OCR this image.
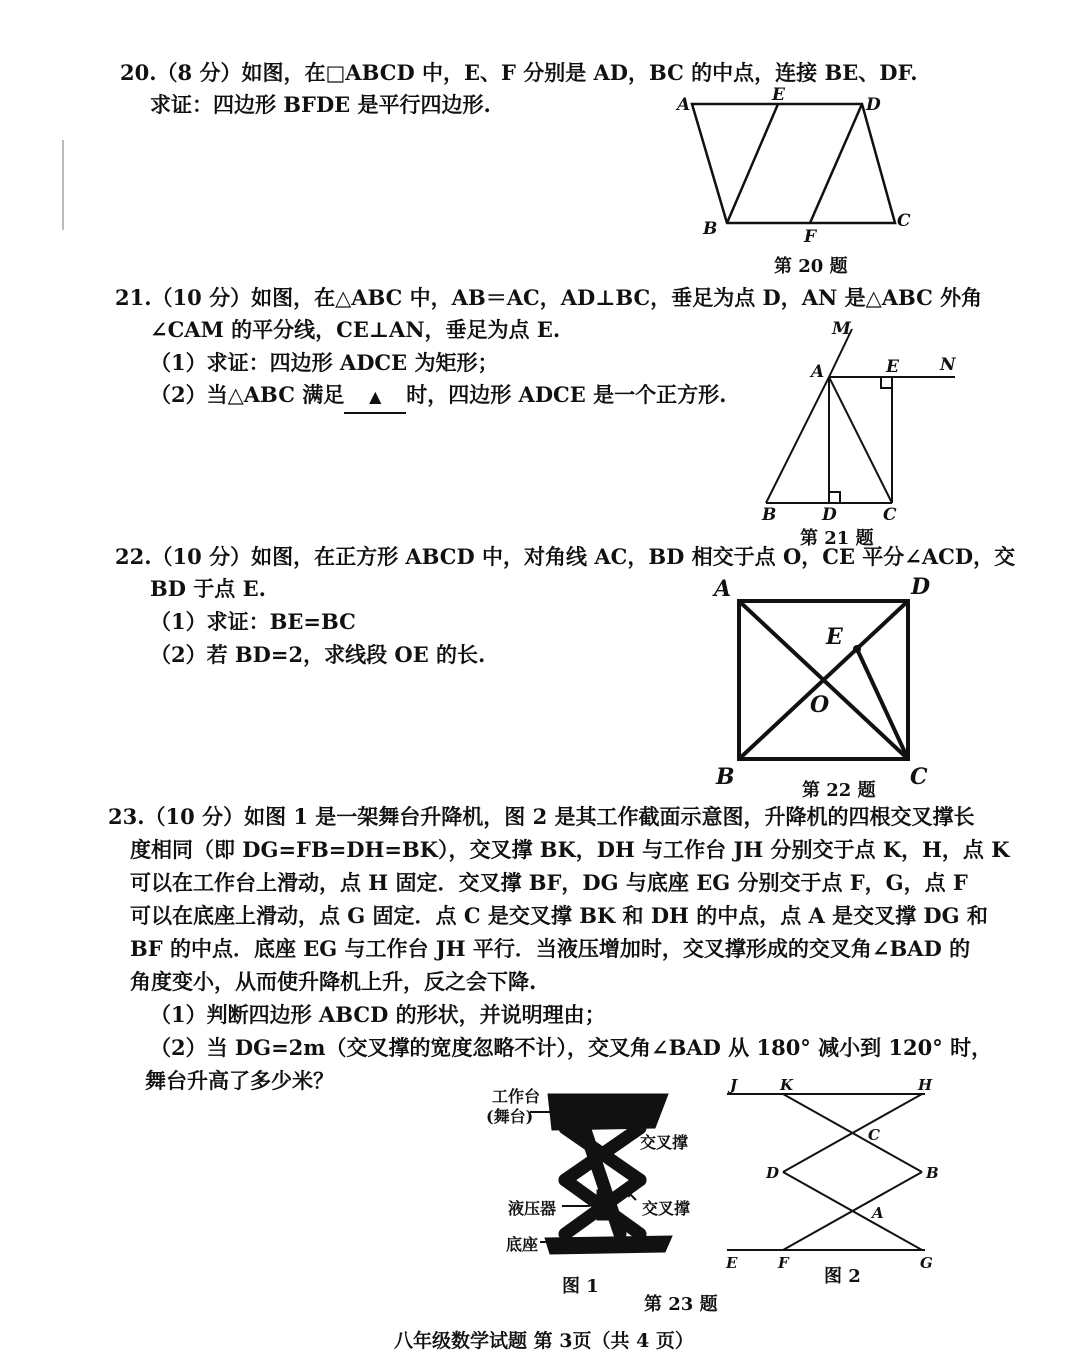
20.（8 分）如图，在□ABCD 中，E、F 分别是 AD，BC 的中点，连接 BE、DF.
求证：四边形 BFDE 是平行四边形.	A	E	D
B	F
C
第 20 题
21.（10 分）如图，在△ABC 中，AB＝AC，AD⊥BC，垂足为点 D，AN 是△ABC 外角
∠CAM 的平分线，CE⊥AN，垂足为点 E.
（1）求证：四边形 ADCE 为矩形；
（2）当△ABC 满足 ▲ 时，四边形 ADCE 是一个正方形.
M
A	E N
B	D	C
第 21 题
22.（10 分）如图，在正方形 ABCD 中，对角线 AC，BD 相交于点 O，CE 平分∠ACD，交
BD 于点 E.
（1）求证：BE=BC
（2）若 BD=2，求线段 OE 的长.
A	D
E
O
B	C
第 22 题
23.（10 分）如图 1 是一架舞台升降机，图 2 是其工作截面示意图，升降机的四根交叉撑长
度相同（即 DG=FB=DH=BK），交叉撑 BK，DH 与工作台 JH 分别交于点 K，H，点 K
可以在工作台上滑动，点 H 固定．交叉撑 BF，DG 与底座 EG 分别交于点 F，G，点 F
可以在底座上滑动，点 G 固定．点 C 是交叉撑 BK 和 DH 的中点，点 A 是交叉撑 DG 和
BF 的中点．底座 EG 与工作台 JH 平行．当液压增加时，交叉撑形成的交叉角∠BAD 的
角度变小，从而使升降机上升，反之会下降.
（1）判断四边形 ABCD 的形状，并说明理由；
（2）当 DG=2m（交叉撑的宽度忽略不计），交叉角∠BAD 从 180° 减小到 120° 时，
舞台升高了多少米？
工作台
(舞台)
交叉撑
液压器	交叉撑
底座
图 1
J	K	H
C
D	B
A
E	F	G
图 2
第 23 题
八年级数学试题 第 3页（共 4 页）
